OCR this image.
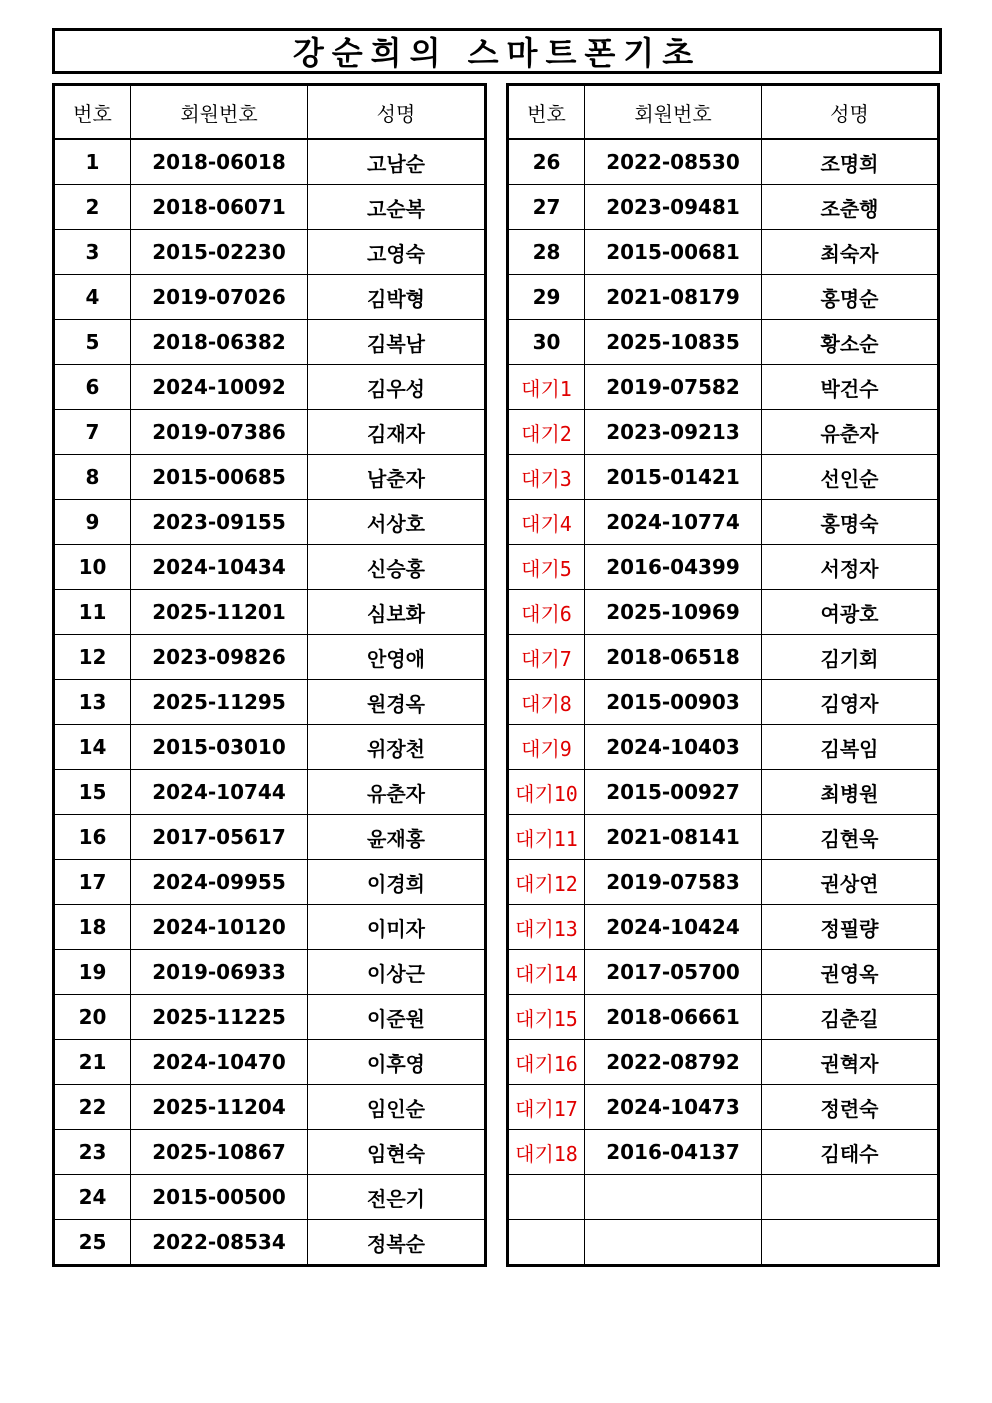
강순희의 스마트폰기초
번호	회원번호	성명
1	2018-06018	고남순
2	2018-06071	고순복
3	2015-02230	고영숙
4	2019-07026	김박형
5	2018-06382	김복남
6	2024-10092	김우성
7	2019-07386	김재자
8	2015-00685	남춘자
9	2023-09155	서상호
10	2024-10434	신승홍
11	2025-11201	심보화
12	2023-09826	안영애
13	2025-11295	원경옥
14	2015-03010	위장천
15	2024-10744	유춘자
16	2017-05617	윤재홍
17	2024-09955	이경희
18	2024-10120	이미자
19	2019-06933	이상근
20	2025-11225	이준원
21	2024-10470	이후영
22	2025-11204	임인순
23	2025-10867	임현숙
24	2015-00500	전은기
25	2022-08534	정복순
번호	회원번호	성명
26	2022-08530	조명희
27	2023-09481	조춘행
28	2015-00681	최숙자
29	2021-08179	홍명순
30	2025-10835	황소순
대기1	2019-07582	박건수
대기2	2023-09213	유춘자
대기3	2015-01421	선인순
대기4	2024-10774	홍명숙
대기5	2016-04399	서정자
대기6	2025-10969	여광호
대기7	2018-06518	김기회
대기8	2015-00903	김영자
대기9	2024-10403	김복임
대기10	2015-00927	최병원
대기11	2021-08141	김현욱
대기12	2019-07583	권상연
대기13	2024-10424	정필량
대기14	2017-05700	권영옥
대기15	2018-06661	김춘길
대기16	2022-08792	권혁자
대기17	2024-10473	정련숙
대기18	2016-04137	김태수
